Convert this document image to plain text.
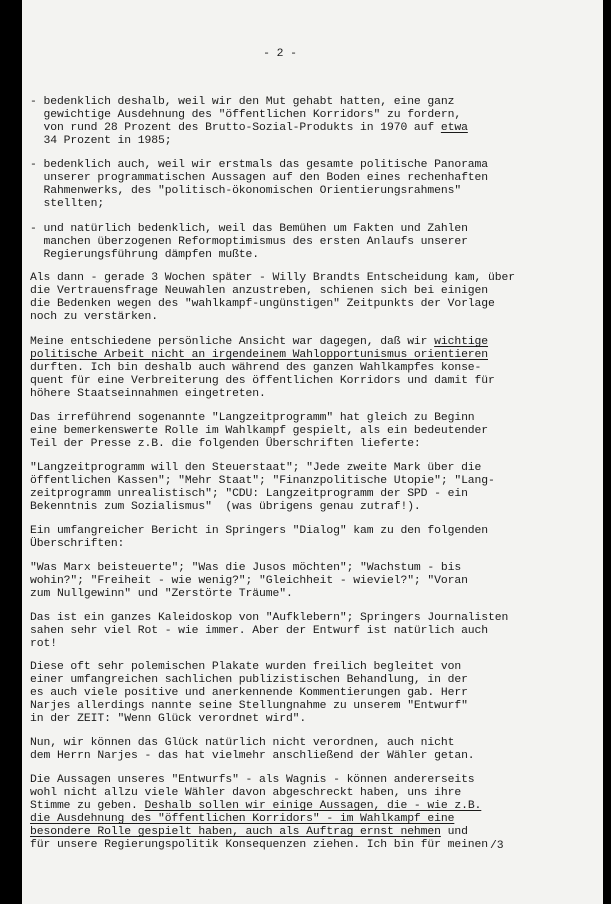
- 2 -
- bedenklich deshalb, weil wir den Mut gehabt hatten, eine ganz
gewichtige Ausdehnung des "öffentlichen Korridors" zu fordern,
von rund 28 Prozent des Brutto-Sozial-Produkts in 1970 auf etwa
34 Prozent in 1985;
- bedenklich auch, weil wir erstmals das gesamte politische Panorama
unserer programmatischen Aussagen auf den Boden eines rechenhaften
Rahmenwerks, des "politisch-ökonomischen Orientierungsrahmens"
stellten;
- und natürlich bedenklich, weil das Bemühen um Fakten und Zahlen
manchen überzogenen Reformoptimismus des ersten Anlaufs unserer
Regierungsführung dämpfen mußte.
Als dann - gerade 3 Wochen später - Willy Brandts Entscheidung kam, über
die Vertrauensfrage Neuwahlen anzustreben, schienen sich bei einigen
die Bedenken wegen des "wahlkampf-ungünstigen" Zeitpunkts der Vorlage
noch zu verstärken.
Meine entschiedene persönliche Ansicht war dagegen, daß wir wichtige
politische Arbeit nicht an irgendeinem Wahlopportunismus orientieren
durften. Ich bin deshalb auch während des ganzen Wahlkampfes konse-
quent für eine Verbreiterung des öffentlichen Korridors und damit für
höhere Staatseinnahmen eingetreten.
Das irreführend sogenannte "Langzeitprogramm" hat gleich zu Beginn
eine bemerkenswerte Rolle im Wahlkampf gespielt, als ein bedeutender
Teil der Presse z.B. die folgenden Überschriften lieferte:
"Langzeitprogramm will den Steuerstaat"; "Jede zweite Mark über die
öffentlichen Kassen"; "Mehr Staat"; "Finanzpolitische Utopie"; "Lang-
zeitprogramm unrealistisch"; "CDU: Langzeitprogramm der SPD - ein
Bekenntnis zum Sozialismus"  (was übrigens genau zutraf!).
Ein umfangreicher Bericht in Springers "Dialog" kam zu den folgenden
Überschriften:
"Was Marx beisteuerte"; "Was die Jusos möchten"; "Wachstum - bis
wohin?"; "Freiheit - wie wenig?"; "Gleichheit - wieviel?"; "Voran
zum Nullgewinn" und "Zerstörte Träume".
Das ist ein ganzes Kaleidoskop von "Aufklebern"; Springers Journalisten
sahen sehr viel Rot - wie immer. Aber der Entwurf ist natürlich auch
rot!
Diese oft sehr polemischen Plakate wurden freilich begleitet von
einer umfangreichen sachlichen publizistischen Behandlung, in der
es auch viele positive und anerkennende Kommentierungen gab. Herr
Narjes allerdings nannte seine Stellungnahme zu unserem "Entwurf"
in der ZEIT: "Wenn Glück verordnet wird".
Nun, wir können das Glück natürlich nicht verordnen, auch nicht
dem Herrn Narjes - das hat vielmehr anschließend der Wähler getan.
Die Aussagen unseres "Entwurfs" - als Wagnis - können andererseits
wohl nicht allzu viele Wähler davon abgeschreckt haben, uns ihre
Stimme zu geben. Deshalb sollen wir einige Aussagen, die - wie z.B.
die Ausdehnung des "öffentlichen Korridors" - im Wahlkampf eine
besondere Rolle gespielt haben, auch als Auftrag ernst nehmen und
für unsere Regierungspolitik Konsequenzen ziehen. Ich bin für meinen /3
